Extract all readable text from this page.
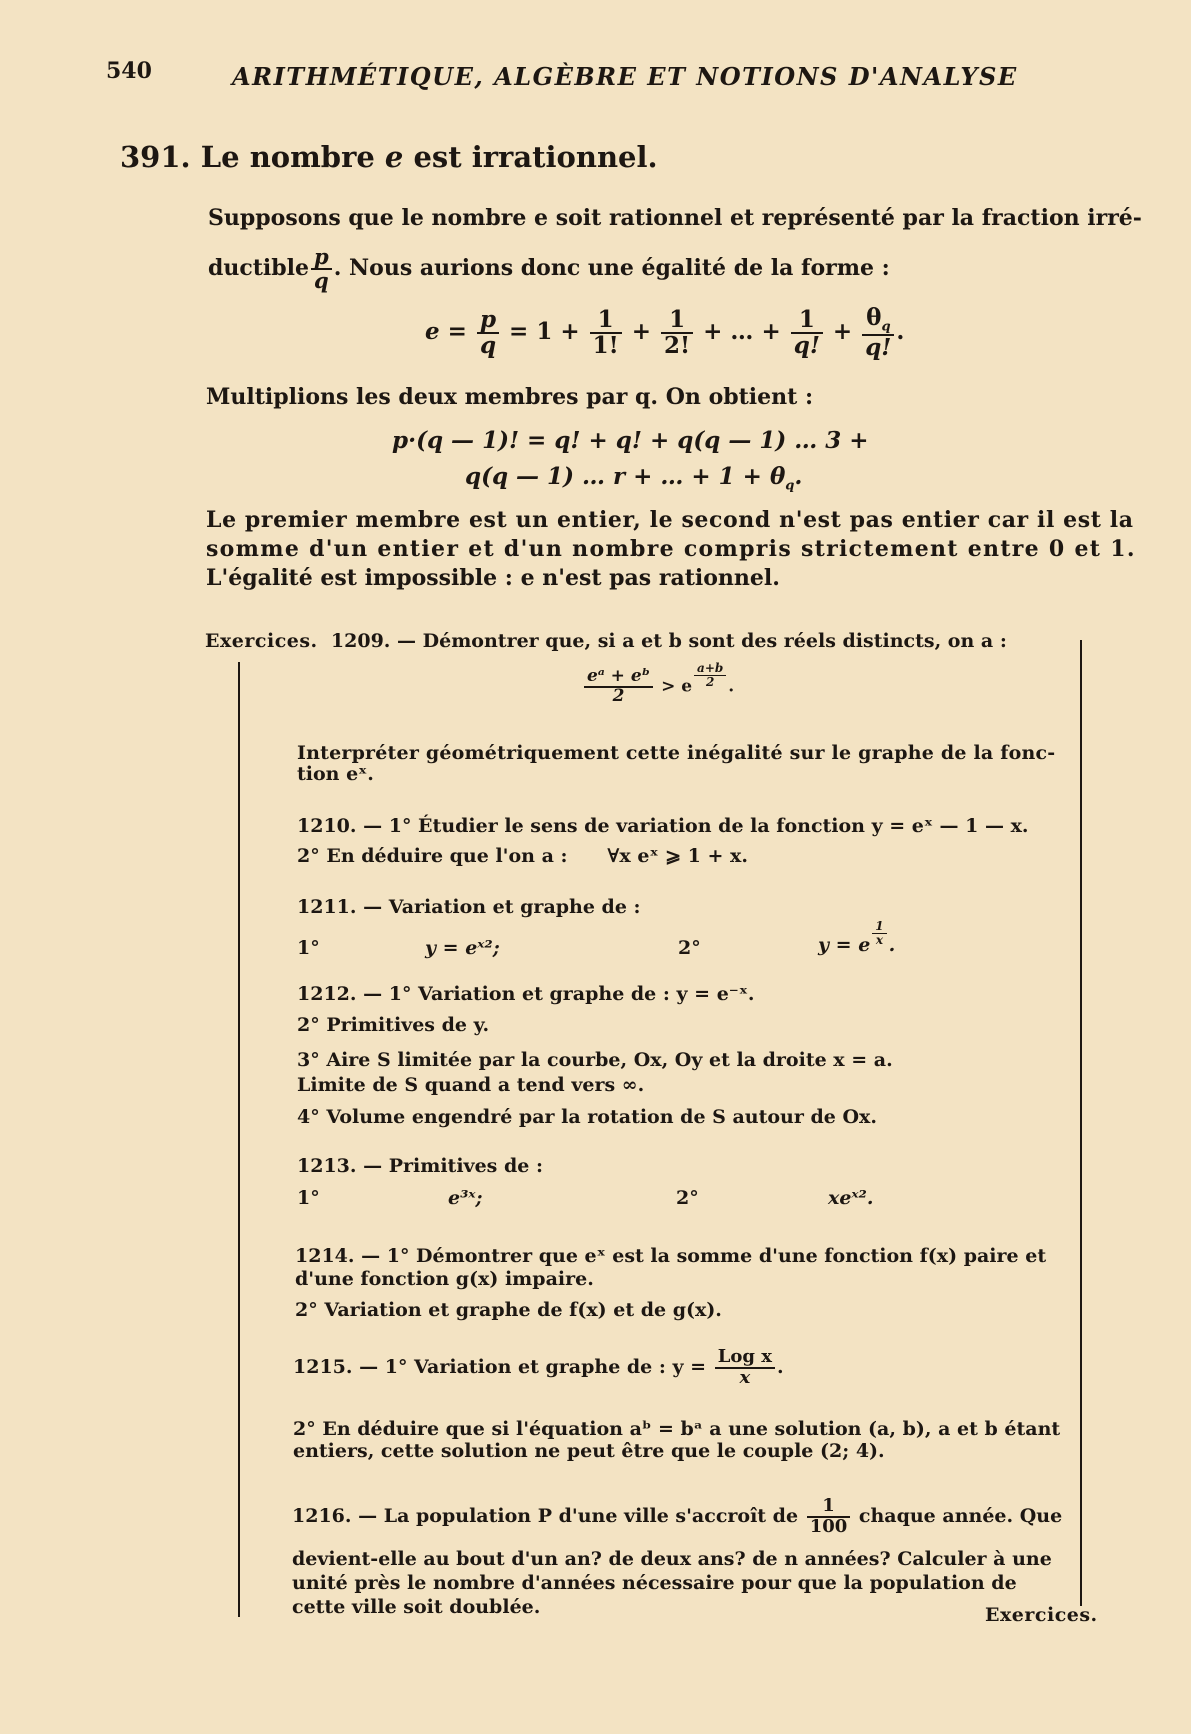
540	ARITHMÉTIQUE, ALGÈBRE ET NOTIONS D'ANALYSE
391. Le nombre e est irrationnel.
Supposons que le nombre e soit rationnel et représenté par la fraction irré-
ductible $\frac{p}{q}$ . Nous aurions donc une égalité de la forme :
$e = \frac{p}{q} = 1 + \frac{1}{1!} + \frac{1}{2!}$ + … + $\frac{1}{q!} + \frac{\theta_q}{q!}$ .
Multiplions les deux membres par q. On obtient :
p·(q — 1)! = q! + q! + q(q — 1) … 3 +
q(q — 1) … r + … + $1 + \theta_q$.
Le premier membre est un entier, le second n'est pas entier car il est la
somme d'un entier et d'un nombre compris strictement entre 0 et 1.
L'égalité est impossible : e n'est pas rationnel.
Exercices. 1209. — Démontrer que, si a et b sont des réels distincts, on a :
$\frac{\text{eᵃ + eᵇ}}{2} > e \frac{a+b}{2}$ .
Interpréter géométriquement cette inégalité sur le graphe de la fonc-
tion eˣ.
1210. — 1° Étudier le sens de variation de la fonction y = eˣ — 1 — x.
2° En déduire que l'on a : ∀x eˣ ⩾ 1 + x.
1211. — Variation et graphe de :
1°	y = eˣ²;	2°	y = e $\frac{1}{x}$ .
1212. — 1° Variation et graphe de : y = e⁻ˣ.
2° Primitives de y.
3° Aire S limitée par la courbe, Ox, Oy et la droite x = a.
Limite de S quand a tend vers ∞.
4° Volume engendré par la rotation de S autour de Ox.
1213. — Primitives de :
1°	e³ˣ;	2°	xeˣ².
1214. — 1° Démontrer que eˣ est la somme d'une fonction f(x) paire et
d'une fonction g(x) impaire.
2° Variation et graphe de f(x) et de g(x).
1215. — 1° Variation et graphe de : $y = \frac{\text{Log x}}{x}$ .
2° En déduire que si l'équation aᵇ = bᵃ a une solution (a, b), a et b étant
entiers, cette solution ne peut être que le couple (2; 4).
1216. — La population P d'une ville s'accroît de $\frac{1}{100}$ chaque année. Que
devient-elle au bout d'un an? de deux ans? de n années? Calculer à une
unité près le nombre d'années nécessaire pour que la population de
cette ville soit doublée.	Exercices.
